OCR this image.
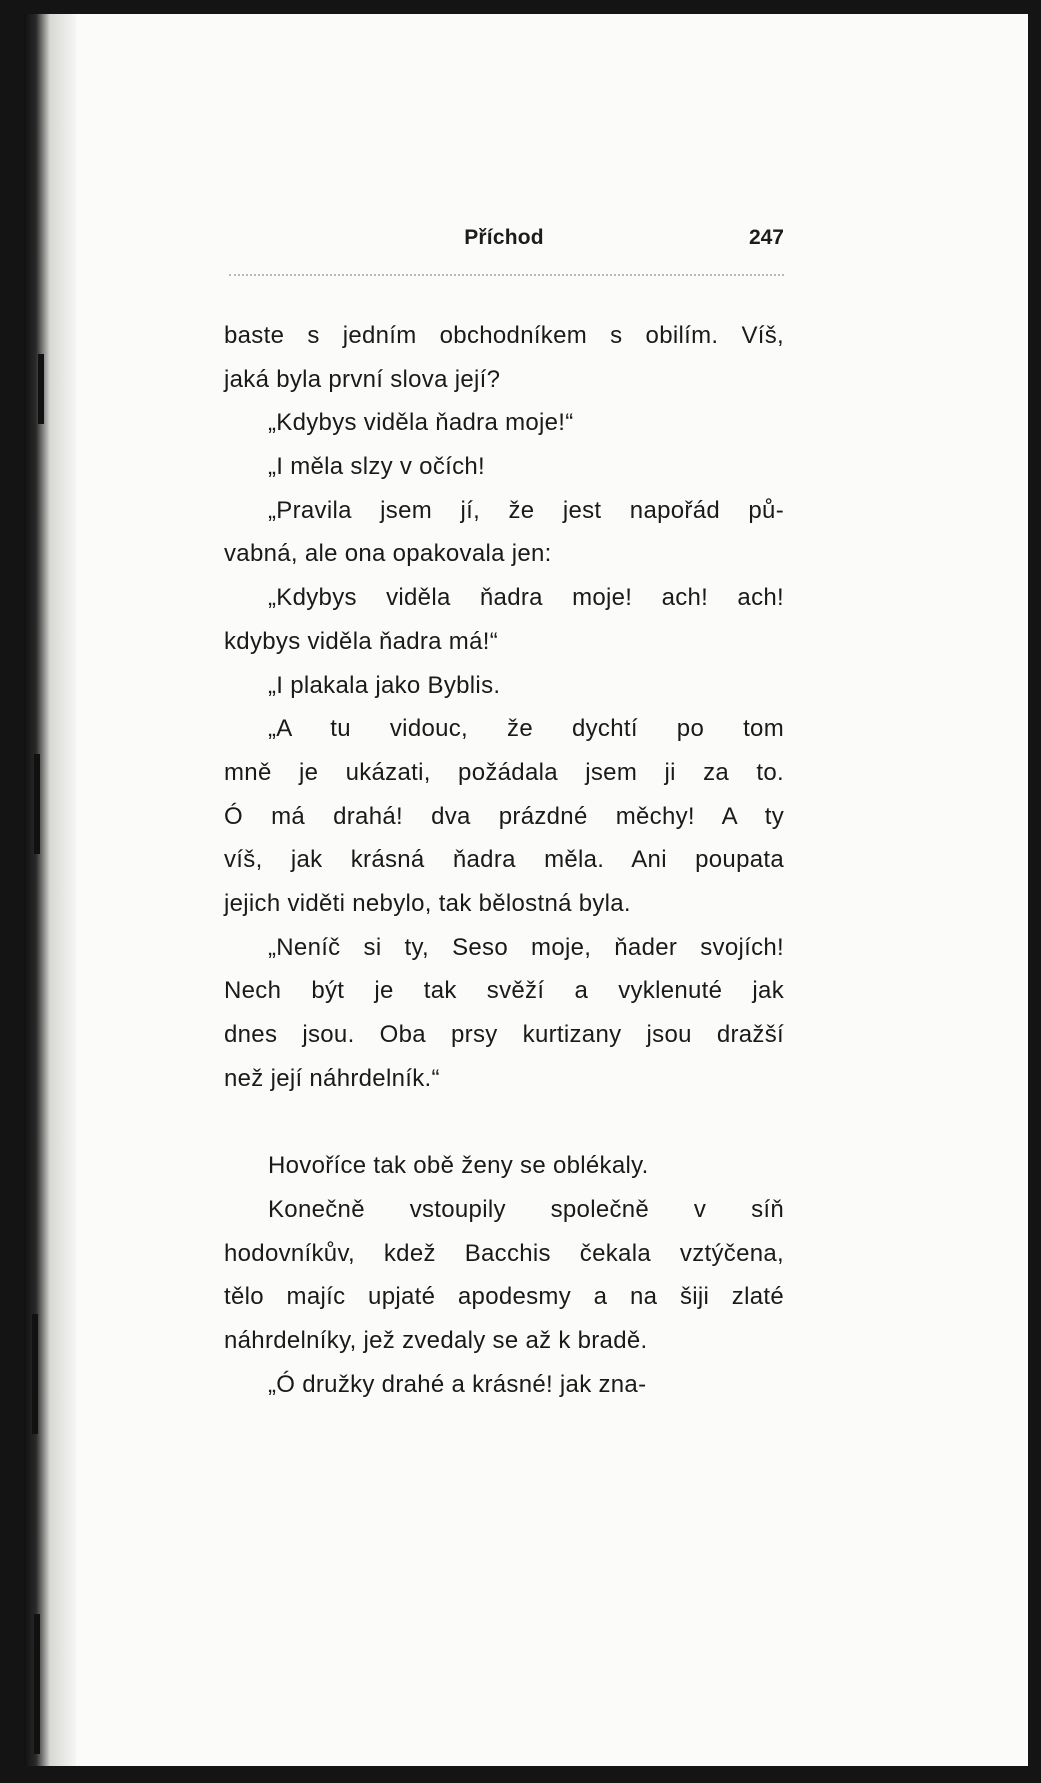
Příchod	247
baste s jedním obchodníkem s obilím. Víš,
jaká byla první slova její?
„Kdybys viděla ňadra moje!“
„I měla slzy v očích!
„Pravila jsem jí, že jest napořád pů-
vabná, ale ona opakovala jen:
„Kdybys viděla ňadra moje! ach! ach!
kdybys viděla ňadra má!“
„I plakala jako Byblis.
„A tu vidouc, že dychtí po tom
mně je ukázati, požádala jsem ji za to.
Ó má drahá! dva prázdné měchy! A ty
víš, jak krásná ňadra měla. Ani poupata
jejich viděti nebylo, tak bělostná byla.
„Neníč si ty, Seso moje, ňader svojích!
Nech být je tak svěží a vyklenuté jak
dnes jsou. Oba prsy kurtizany jsou dražší
než její náhrdelník.“
Hovoříce tak obě ženy se oblékaly.
Konečně vstoupily společně v síň
hodovníkův, kdež Bacchis čekala vztýčena,
tělo majíc upjaté apodesmy a na šiji zlaté
náhrdelníky, jež zvedaly se až k bradě.
„Ó družky drahé a krásné! jak zna-
